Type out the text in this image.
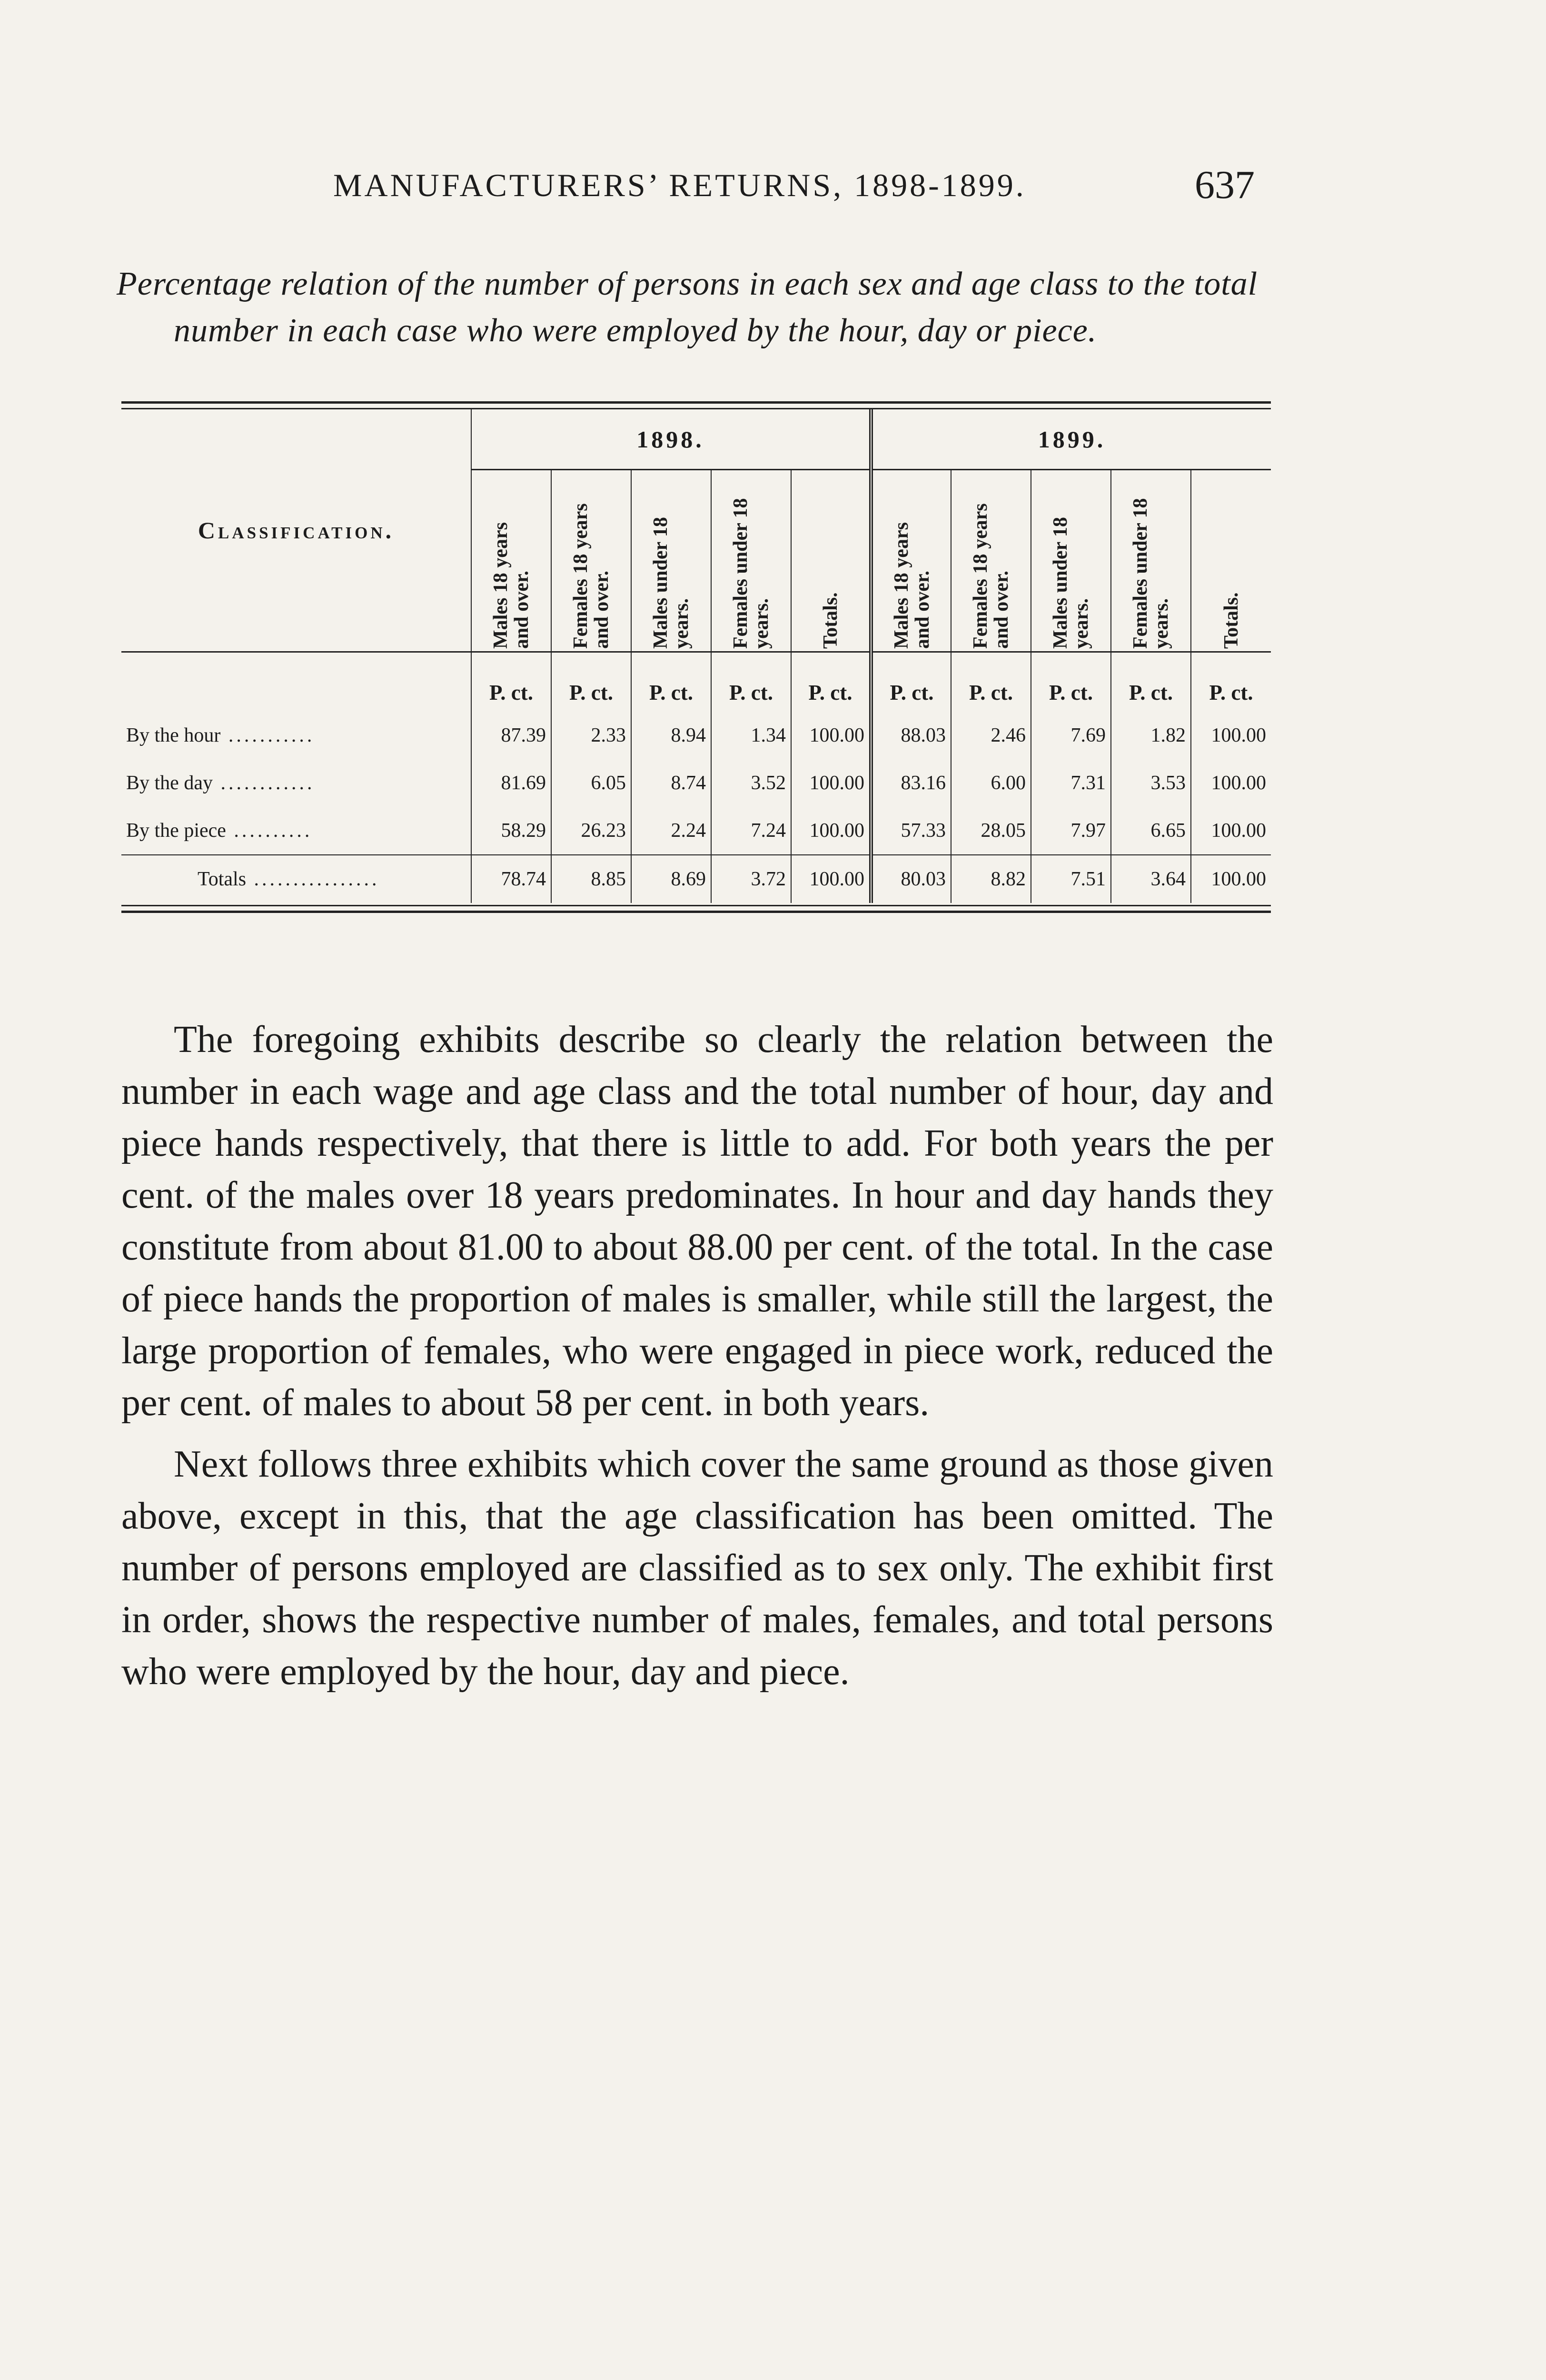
MANUFACTURERS’ RETURNS, 1898-1899.	637
Percentage relation of the number of persons in each sex and age class to the total number in each case who were employed by the hour, day or piece.
Classification.	1898.					1899.				
	Males 18 years and over.	Females 18 years and over.	Males under 18 years.	Females under 18 years.	Totals.	Males 18 years and over.	Females 18 years and over.	Males under 18 years.	Females under 18 years.	Totals.
	P. ct.	P. ct.	P. ct.	P. ct.	P. ct.	P. ct.	P. ct.	P. ct.	P. ct.	P. ct.
By the hour ...........	87.39	2.33	8.94	1.34	100.00	88.03	2.46	7.69	1.82	100.00
By the day ............	81.69	6.05	8.74	3.52	100.00	83.16	6.00	7.31	3.53	100.00
By the piece ..........	58.29	26.23	2.24	7.24	100.00	57.33	28.05	7.97	6.65	100.00
Totals ................	78.74	8.85	8.69	3.72	100.00	80.03	8.82	7.51	3.64	100.00

The foregoing exhibits describe so clearly the relation between the number in each wage and age class and the total number of hour, day and piece hands respectively, that there is little to add. For both years the per cent. of the males over 18 years predominates. In hour and day hands they constitute from about 81.00 to about 88.00 per cent. of the total. In the case of piece hands the proportion of males is smaller, while still the largest, the large proportion of females, who were engaged in piece work, reduced the per cent. of males to about 58 per cent. in both years.

Next follows three exhibits which cover the same ground as those given above, except in this, that the age classification has been omitted. The number of persons employed are classified as to sex only. The exhibit first in order, shows the respective number of males, females, and total persons who were employed by the hour, day and piece.
